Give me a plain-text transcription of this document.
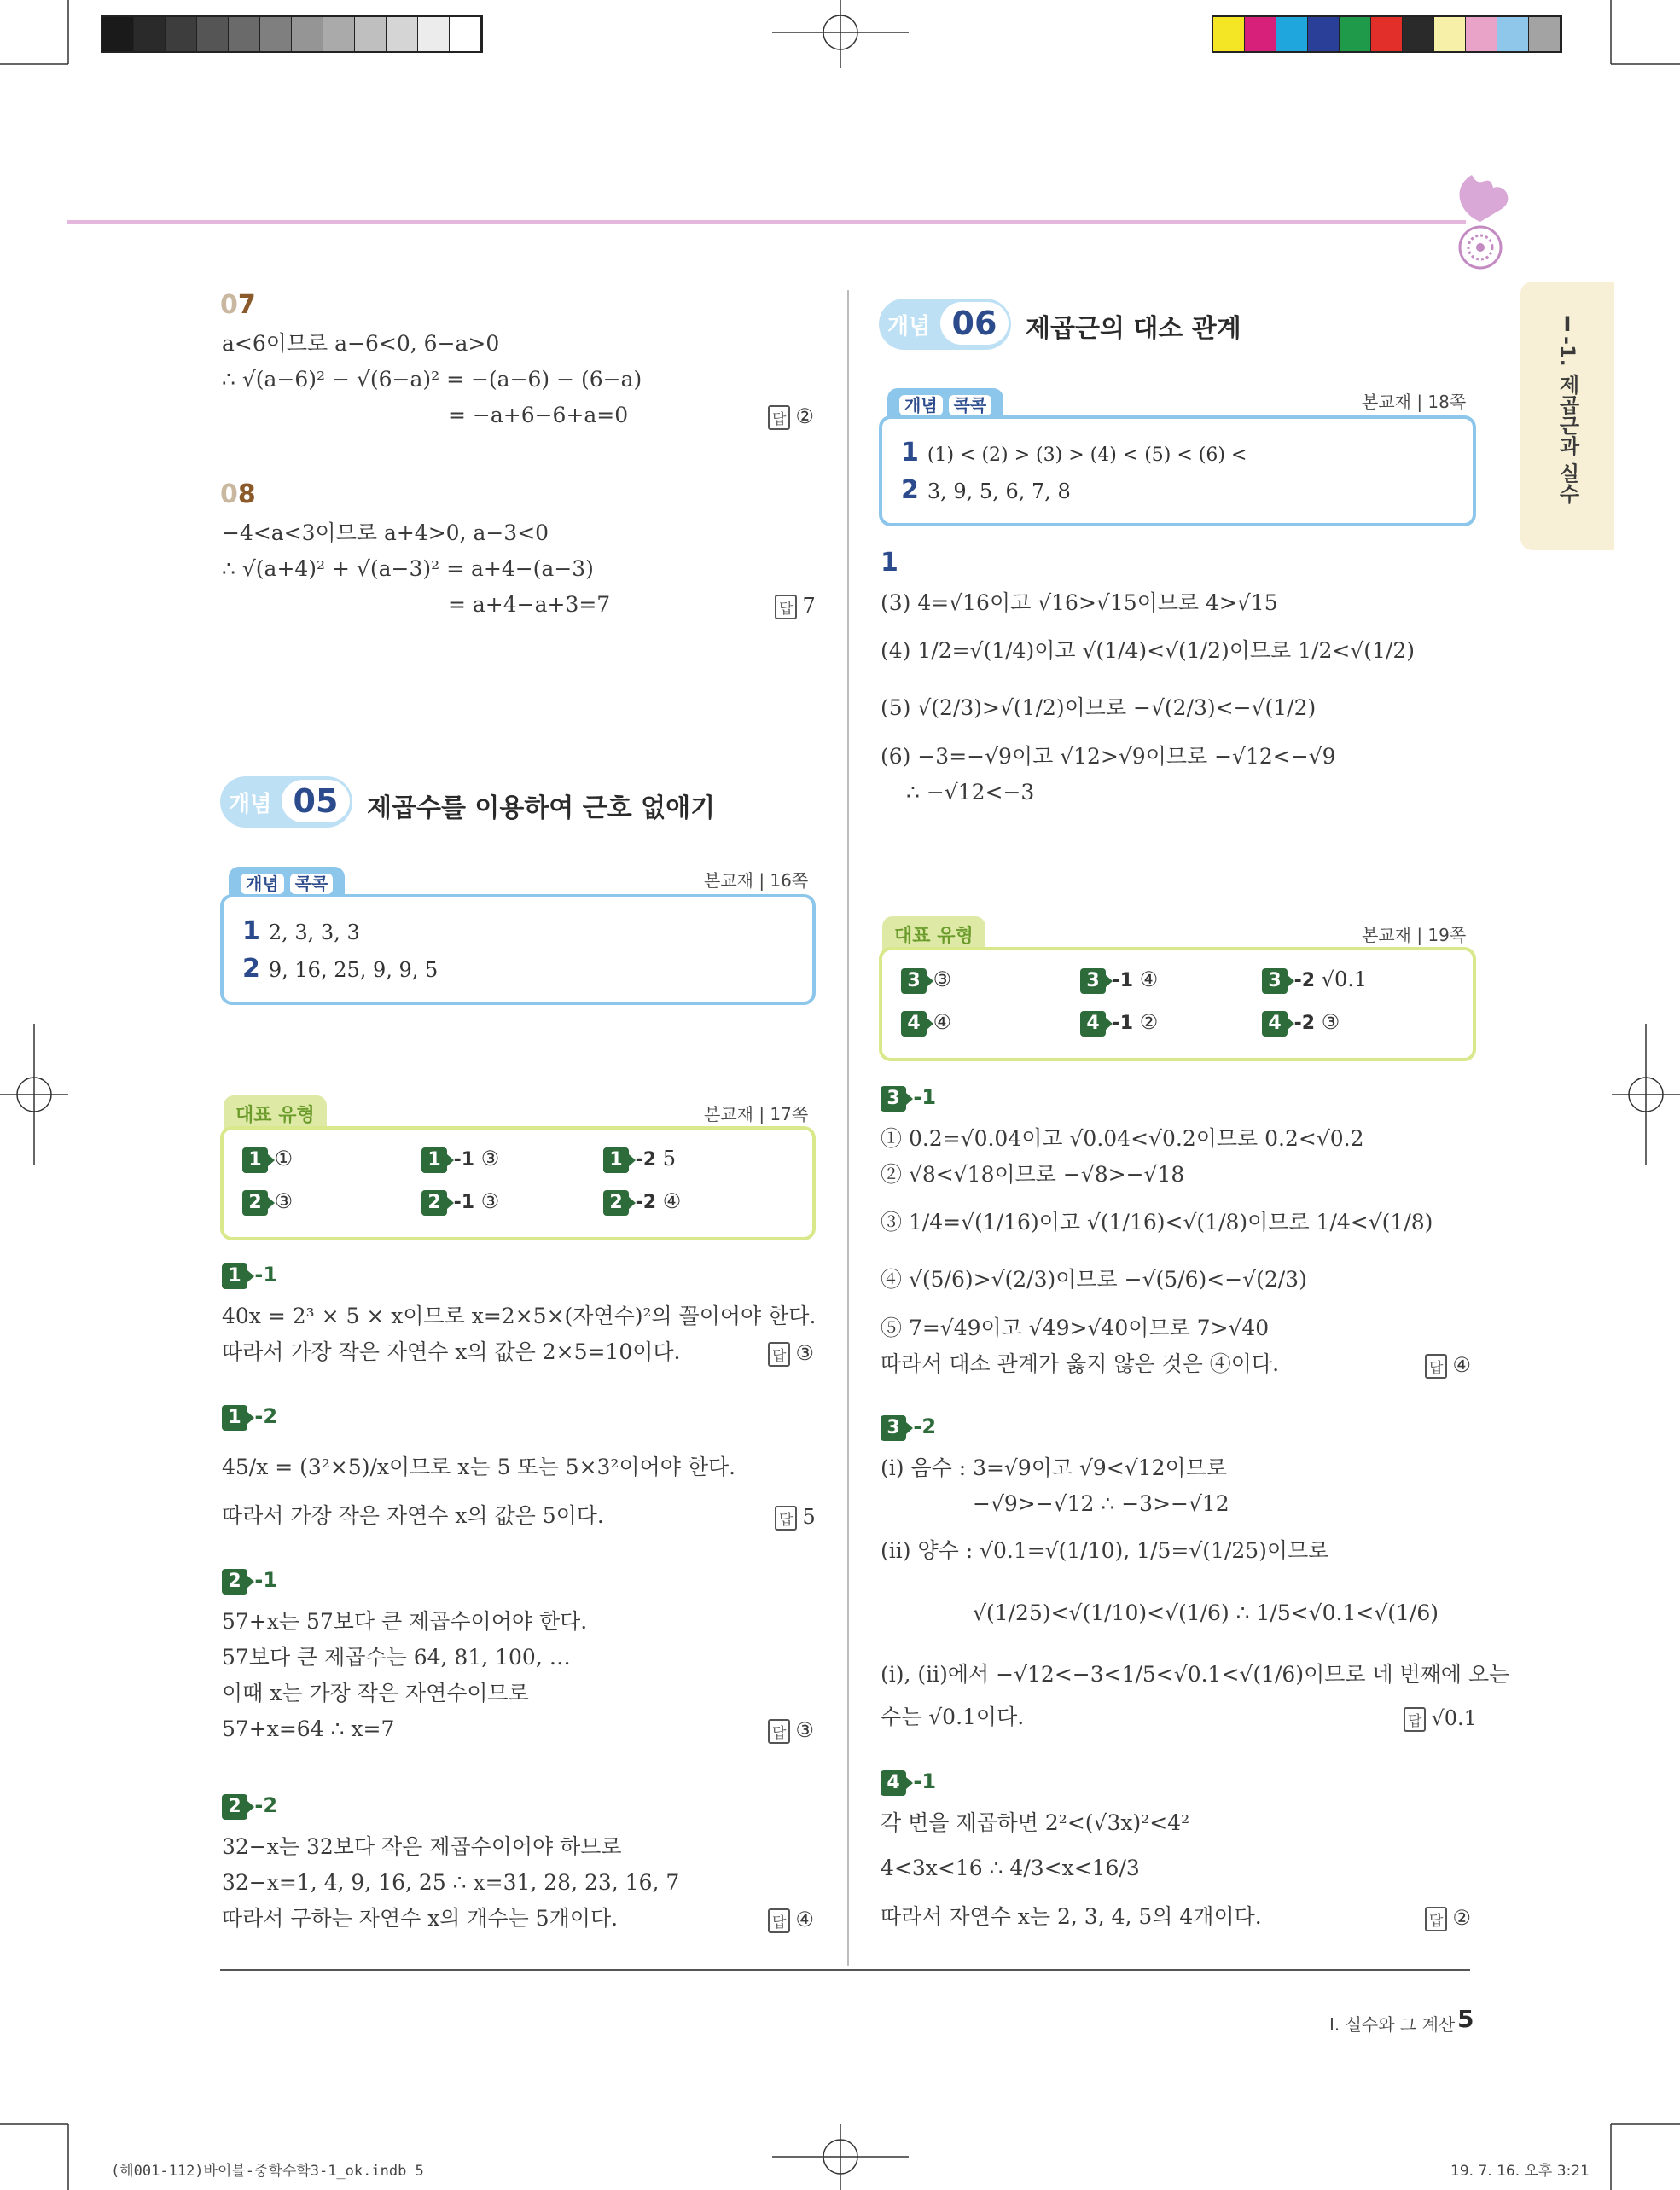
Ⅰ-1. 제곱근과 실수
07
a<6이므로 a−6<0, 6−a>0
∴ √(a−6)² − √(6−a)² = −(a−6) − (6−a)
= −a+6−6+a=0	답 ②
08
−4<a<3이므로 a+4>0, a−3<0
∴ √(a+4)² + √(a−3)² = a+4−(a−3)
= a+4−a+3=7	답 7
개념 05	제곱수를 이용하여 근호 없애기
개념 콕콕	본교재 | 16쪽
1 2, 3, 3, 3
2 9, 16, 25, 9, 9, 5
대표 유형	본교재 | 17쪽
1 ①	1 -1 ③	1 -2 5
2 ③	2 -1 ③	2 -2 ④
1 -1
40x = 2³ × 5 × x이므로 x=2×5×(자연수)²의 꼴이어야 한다.
따라서 가장 작은 자연수 x의 값은 2×5=10이다.	답 ③
1 -2
45/x = (3²×5)/x이므로 x는 5 또는 5×3²이어야 한다.
따라서 가장 작은 자연수 x의 값은 5이다.	답 5
2 -1
57+x는 57보다 큰 제곱수이어야 한다.
57보다 큰 제곱수는 64, 81, 100, …
이때 x는 가장 작은 자연수이므로
57+x=64 ∴ x=7	답 ③
2 -2
32−x는 32보다 작은 제곱수이어야 하므로
32−x=1, 4, 9, 16, 25 ∴ x=31, 28, 23, 16, 7
따라서 구하는 자연수 x의 개수는 5개이다.	답 ④
개념 06	제곱근의 대소 관계
개념 콕콕	본교재 | 18쪽
1 (1) < (2) > (3) > (4) < (5) < (6) <
2 3, 9, 5, 6, 7, 8
1
(3) 4=√16이고 √16>√15이므로 4>√15
(4) 1/2=√(1/4)이고 √(1/4)<√(1/2)이므로 1/2<√(1/2)
(5) √(2/3)>√(1/2)이므로 −√(2/3)<−√(1/2)
(6) −3=−√9이고 √12>√9이므로 −√12<−√9
∴ −√12<−3
대표 유형	본교재 | 19쪽
3 ③	3 -1 ④	3 -2 √0.1
4 ④	4 -1 ②	4 -2 ③
3 -1
① 0.2=√0.04이고 √0.04<√0.2이므로 0.2<√0.2
② √8<√18이므로 −√8>−√18
③ 1/4=√(1/16)이고 √(1/16)<√(1/8)이므로 1/4<√(1/8)
④ √(5/6)>√(2/3)이므로 −√(5/6)<−√(2/3)
⑤ 7=√49이고 √49>√40이므로 7>√40
따라서 대소 관계가 옳지 않은 것은 ④이다.	답 ④
3 -2
(ⅰ) 음수 : 3=√9이고 √9<√12이므로
−√9>−√12 ∴ −3>−√12
(ⅱ) 양수 : √0.1=√(1/10), 1/5=√(1/25)이므로
√(1/25)<√(1/10)<√(1/6) ∴ 1/5<√0.1<√(1/6)
(ⅰ), (ⅱ)에서 −√12<−3<1/5<√0.1<√(1/6)이므로 네 번째에 오는
수는 √0.1이다.	답 √0.1
4 -1
각 변을 제곱하면 2²<(√3x)²<4²
4<3x<16 ∴ 4/3<x<16/3
따라서 자연수 x는 2, 3, 4, 5의 4개이다.	답 ②
Ⅰ. 실수와 그 계산 5
(해001-112)바이블-중학수학3-1_ok.indb 5	19. 7. 16. 오후 3:21
